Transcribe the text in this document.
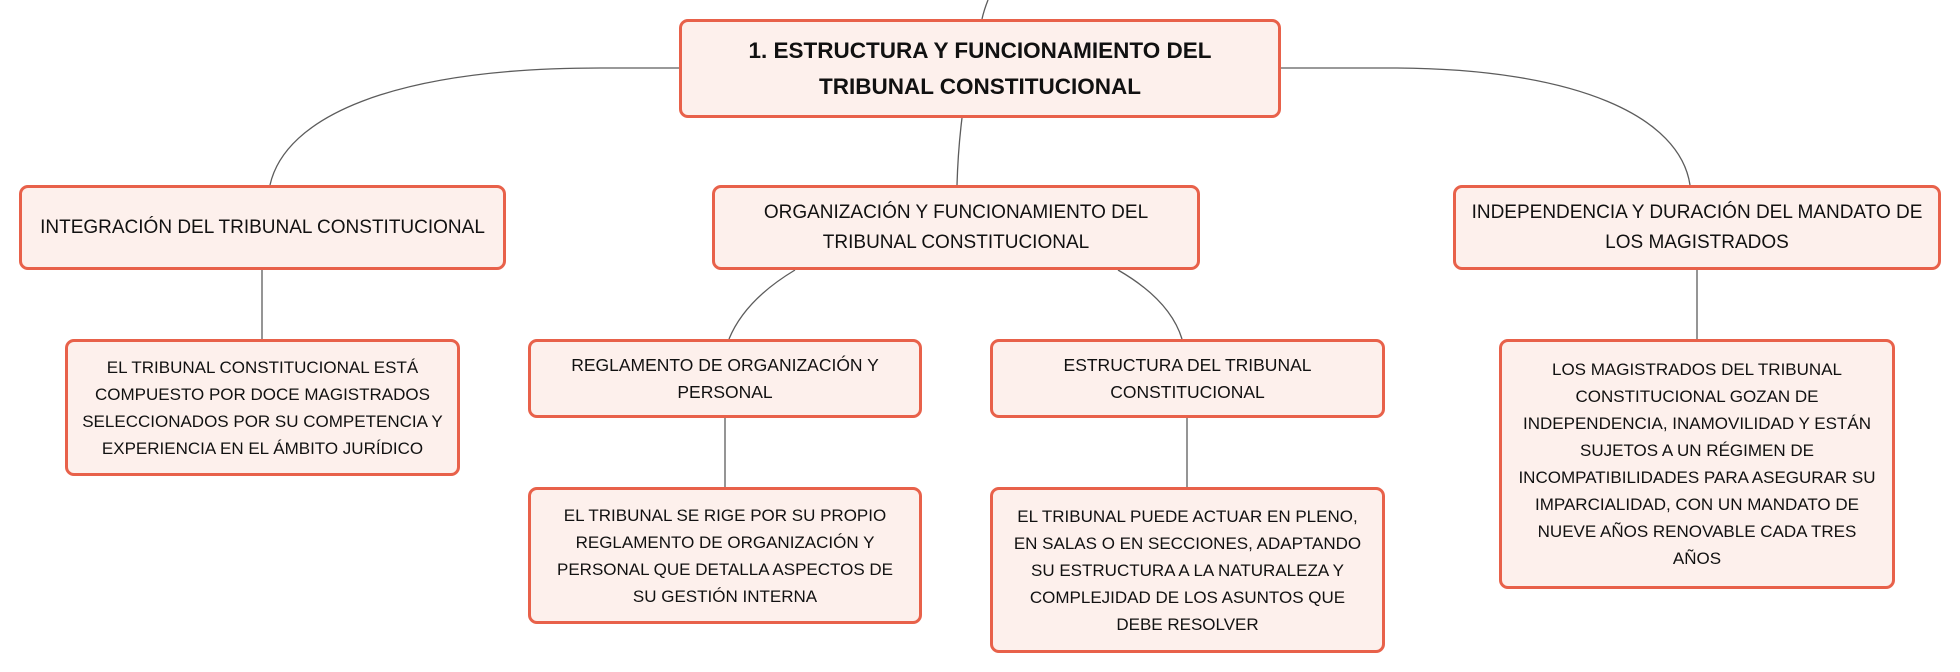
1. ESTRUCTURA Y FUNCIONAMIENTO DEL TRIBUNAL CONSTITUCIONAL
INTEGRACIÓN DEL TRIBUNAL CONSTITUCIONAL
ORGANIZACIÓN Y FUNCIONAMIENTO DEL TRIBUNAL CONSTITUCIONAL
INDEPENDENCIA Y DURACIÓN DEL MANDATO DE LOS MAGISTRADOS
EL TRIBUNAL CONSTITUCIONAL ESTÁ COMPUESTO POR DOCE MAGISTRADOS SELECCIONADOS POR SU COMPETENCIA Y EXPERIENCIA EN EL ÁMBITO JURÍDICO
REGLAMENTO DE ORGANIZACIÓN Y PERSONAL
ESTRUCTURA DEL TRIBUNAL CONSTITUCIONAL
LOS MAGISTRADOS DEL TRIBUNAL CONSTITUCIONAL GOZAN DE INDEPENDENCIA, INAMOVILIDAD Y ESTÁN SUJETOS A UN RÉGIMEN DE INCOMPATIBILIDADES PARA ASEGURAR SU IMPARCIALIDAD, CON UN MANDATO DE NUEVE AÑOS RENOVABLE CADA TRES AÑOS
EL TRIBUNAL SE RIGE POR SU PROPIO REGLAMENTO DE ORGANIZACIÓN Y PERSONAL QUE DETALLA ASPECTOS DE SU GESTIÓN INTERNA
EL TRIBUNAL PUEDE ACTUAR EN PLENO, EN SALAS O EN SECCIONES, ADAPTANDO SU ESTRUCTURA A LA NATURALEZA Y COMPLEJIDAD DE LOS ASUNTOS QUE DEBE RESOLVER
